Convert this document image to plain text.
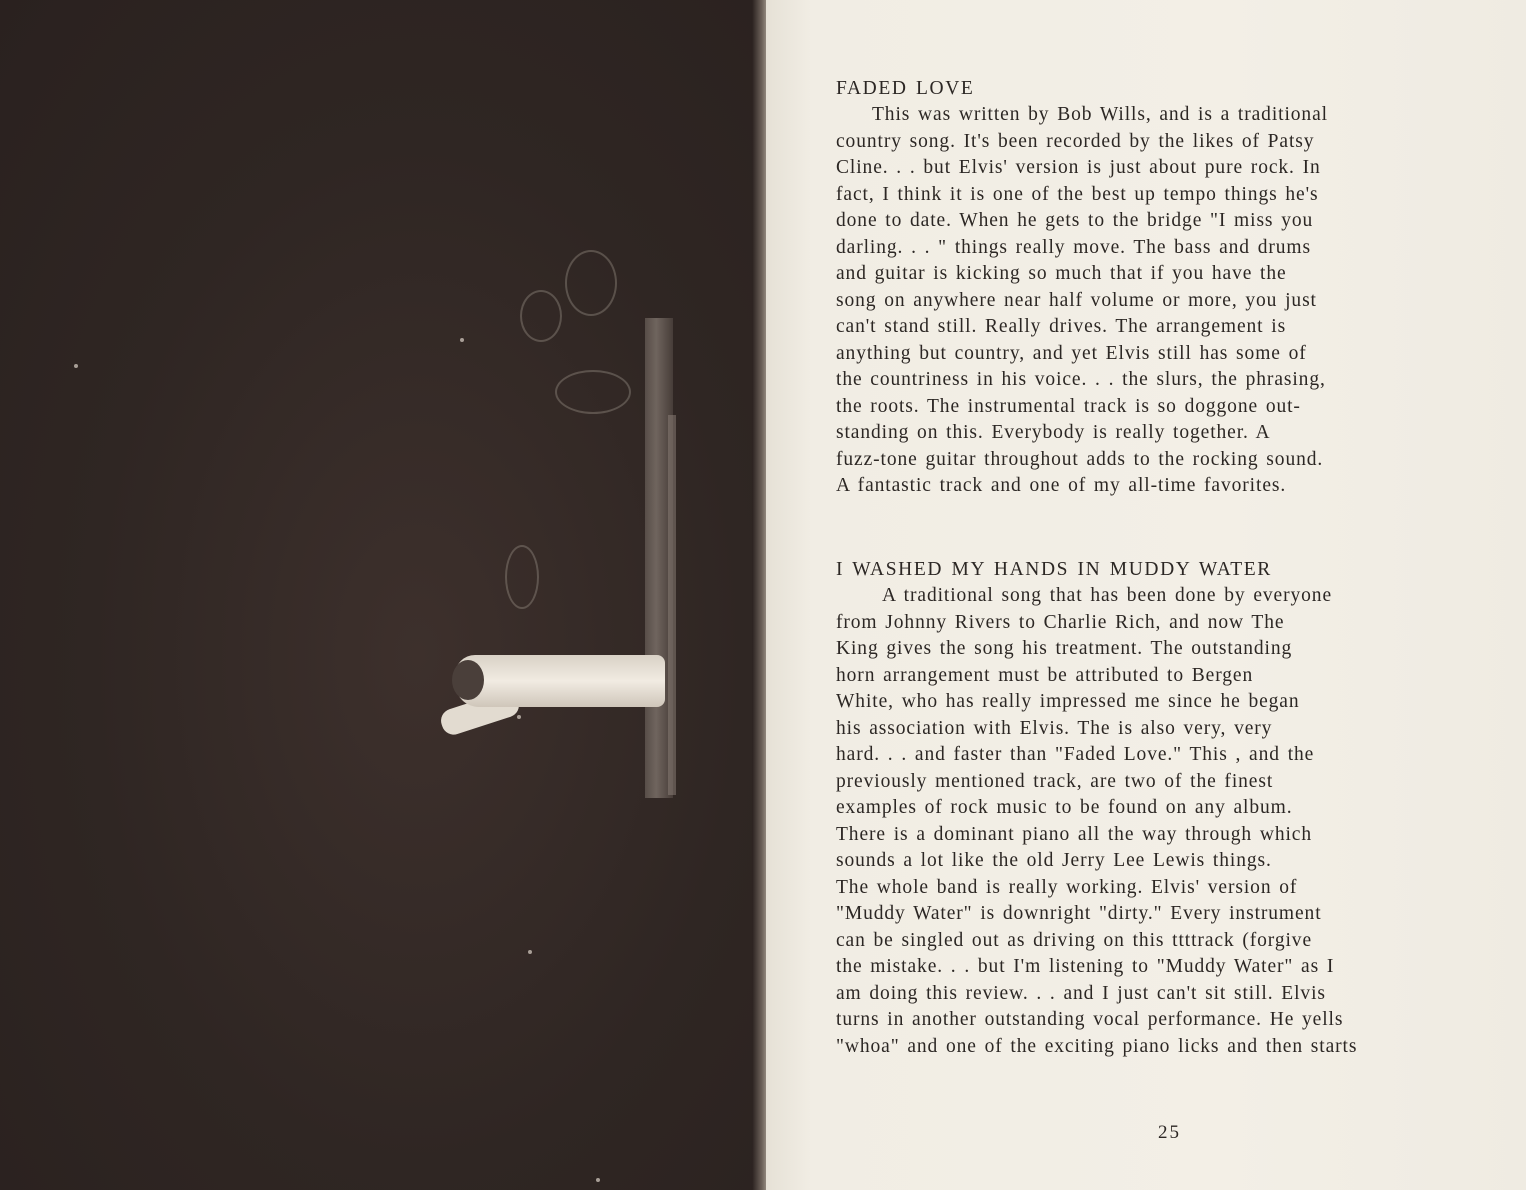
FADED LOVE
This was written by Bob Wills, and is a traditional
country song. It's been recorded by the likes of Patsy
Cline. . . but Elvis' version is just about pure rock. In
fact, I think it is one of the best up tempo things he's
done to date. When he gets to the bridge "I miss you
darling. . . " things really move. The bass and drums
and guitar is kicking so much that if you have the
song on anywhere near half volume or more, you just
can't stand still. Really drives. The arrangement is
anything but country, and yet Elvis still has some of
the countriness in his voice. . . the slurs, the phrasing,
the roots. The instrumental track is so doggone out-
standing on this. Everybody is really together. A
fuzz-tone guitar throughout adds to the rocking sound.
A fantastic track and one of my all-time favorites.
I WASHED MY HANDS IN MUDDY WATER
A traditional song that has been done by everyone
from Johnny Rivers to Charlie Rich, and now The
King gives the song his treatment. The outstanding
horn arrangement must be attributed to Bergen
White, who has really impressed me since he began
his association with Elvis. The is also very, very
hard. . . and faster than "Faded Love." This , and the
previously mentioned track, are two of the finest
examples of rock music to be found on any album.
There is a dominant piano all the way through which
sounds a lot like the old Jerry Lee Lewis things.
The whole band is really working. Elvis' version of
"Muddy Water" is downright "dirty." Every instrument
can be singled out as driving on this ttttrack (forgive
the mistake. . . but I'm listening to "Muddy Water" as I
am doing this review. . . and I just can't sit still. Elvis
turns in another outstanding vocal performance. He yells
"whoa" and one of the exciting piano licks and then starts
25
